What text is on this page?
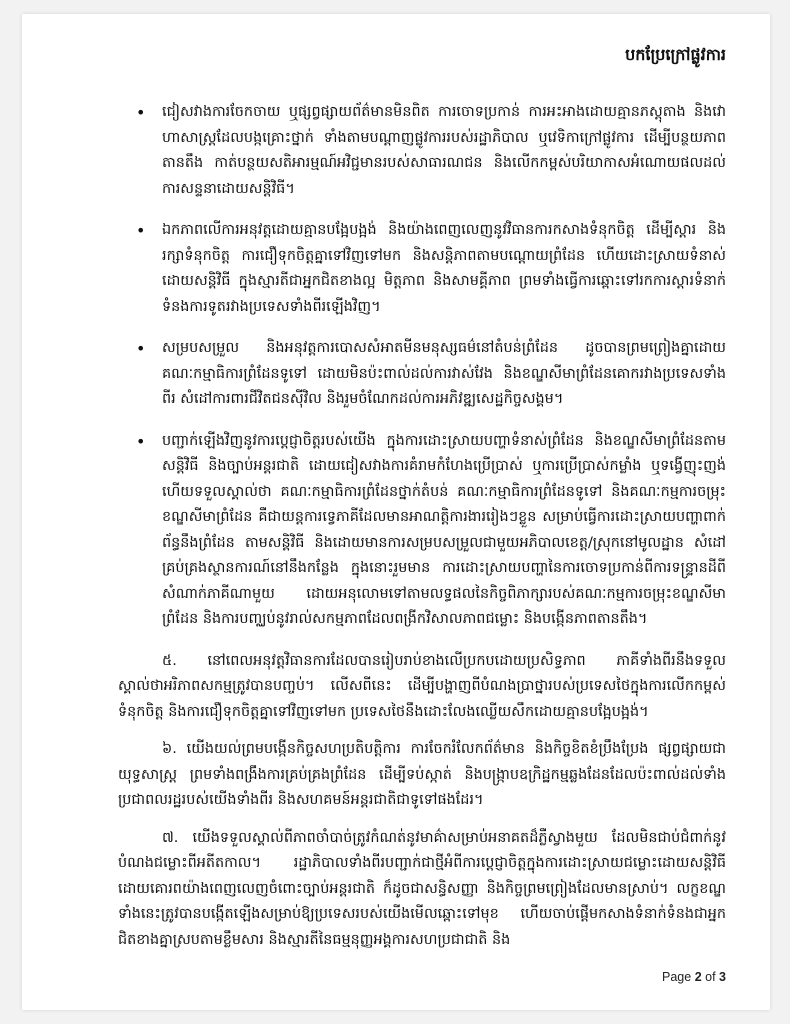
បកប្រែក្រៅផ្លូវការ
• ជៀសវាងការចែកចាយ ឬផ្សព្វផ្សាយព័ត៌មានមិនពិត ការចោទប្រកាន់ ការអះអាងដោយគ្មានភស្តុតាង និងវោហាសាស្ត្រដែលបង្កគ្រោះថ្នាក់ ទាំងតាមបណ្តាញផ្លូវការរបស់រដ្ឋាភិបាល ឬវេទិកាក្រៅផ្លូវការ ដើម្បីបន្ថយភាពតានតឹង កាត់បន្ថយសតិអារម្មណ៍អវិជ្ជមានរបស់សាធារណជន និងលើកកម្ពស់បរិយាកាសអំណោយផលដល់ការសន្ទនាដោយសន្តិវិធី។
• ឯកភាពលើការអនុវត្តដោយគ្មានបង្អែបង្អង់ និងយ៉ាងពេញលេញនូវវិធានការកសាងទំនុកចិត្ត ដើម្បីស្តារ និងរក្សាទំនុកចិត្ត ការជឿទុកចិត្តគ្នាទៅវិញទៅមក និងសន្តិភាពតាមបណ្តោយព្រំដែន ហើយដោះស្រាយទំនាស់ដោយសន្តិវិធី ក្នុងស្មារតីជាអ្នកជិតខាងល្អ មិត្តភាព និងសាមគ្គីភាព ព្រមទាំងធ្វើការឆ្ពោះទៅរកការស្តារទំនាក់ទំនងការទូតរវាងប្រទេសទាំងពីរឡើងវិញ។
• សម្របសម្រួល និងអនុវត្តការបោសសំអាតមីនមនុស្សធម៌នៅតំបន់ព្រំដែន ដូចបានព្រមព្រៀងគ្នាដោយគណៈកម្មាធិការព្រំដែនទូទៅ ដោយមិនប៉ះពាល់ដល់ការវាស់វែង និងខណ្ឌសីមាព្រំដែនគោករវាងប្រទេសទាំងពីរ សំដៅការពារជីវិតជនស៊ីវិល និងរួមចំណែកដល់ការអភិវឌ្ឍសេដ្ឋកិច្ចសង្គម។
• បញ្ជាក់ឡើងវិញនូវការប្តេជ្ញាចិត្តរបស់យើង ក្នុងការដោះស្រាយបញ្ហាទំនាស់ព្រំដែន និងខណ្ឌសីមាព្រំដែនតាមសន្តិវិធី និងច្បាប់អន្តរជាតិ ដោយជៀសវាងការគំរាមកំហែងប្រើប្រាស់ ឬការប្រើប្រាស់កម្លាំង ឬទង្វើញុះញង់ ហើយទទួលស្គាល់ថា គណៈកម្មាធិការព្រំដែនថ្នាក់តំបន់ គណៈកម្មាធិការព្រំដែនទូទៅ និងគណៈកម្មការចម្រុះខណ្ឌសីមាព្រំដែន គឺជាយន្តការទ្វេភាគីដែលមានអាណត្តិការងាររៀងៗខ្លួន សម្រាប់ធ្វើការដោះស្រាយបញ្ហាពាក់ព័ន្ធនឹងព្រំដែន តាមសន្តិវិធី និងដោយមានការសម្របសម្រួលជាមួយអភិបាលខេត្ត/ស្រុកនៅមូលដ្ឋាន សំដៅគ្រប់គ្រងស្ថានការណ៍នៅនឹងកន្លែង ក្នុងនោះរួមមាន ការដោះស្រាយបញ្ហានៃការចោទប្រកាន់ពីការទន្ទ្រានដីពីសំណាក់ភាគីណាមួយ ដោយអនុលោមទៅតាមលទ្ធផលនៃកិច្ចពិភាក្សារបស់គណៈកម្មការចម្រុះខណ្ឌសីមាព្រំដែន និងការបញ្ឈប់នូវរាល់សកម្មភាពដែលពង្រីកវិសាលភាពជម្លោះ និងបង្កើនភាពតានតឹង។

៥. នៅពេលអនុវត្តវិធានការដែលបានរៀបរាប់ខាងលើប្រកបដោយប្រសិទ្ធភាព ភាគីទាំងពីរនឹងទទួលស្គាល់ថាអរិភាពសកម្មត្រូវបានបញ្ចប់។ លើសពីនេះ ដើម្បីបង្ហាញពីបំណងប្រាថ្នារបស់ប្រទេសថៃក្នុងការលើកកម្ពស់ទំនុកចិត្ត និងការជឿទុកចិត្តគ្នាទៅវិញទៅមក ប្រទេសថៃនឹងដោះលែងឈ្លើយសឹកដោយគ្មានបង្អែបង្អង់។

៦. យើងយល់ព្រមបង្កើនកិច្ចសហប្រតិបត្តិការ ការចែករំលែកព័ត៌មាន និងកិច្ចខិតខំប្រឹងប្រែង ផ្សព្វផ្សាយជាយុទ្ធសាស្ត្រ ព្រមទាំងពង្រឹងការគ្រប់គ្រងព្រំដែន ដើម្បីទប់ស្កាត់ និងបង្ក្រាបឧក្រិដ្ឋកម្មឆ្លងដែនដែលប៉ះពាល់ដល់ទាំងប្រជាពលរដ្ឋរបស់យើងទាំងពីរ និងសហគមន៍អន្តរជាតិជាទូទៅផងដែរ។

៧. យើងទទួលស្គាល់ពីភាពចាំបាច់ត្រូវកំណត់នូវមាគ៌ាសម្រាប់អនាគតដ៏ភ្លឺស្វាងមួយ ដែលមិនជាប់ជំពាក់នូវបំណងជម្លោះពីអតីតកាល។ រដ្ឋាភិបាលទាំងពីរបញ្ជាក់ជាថ្មីអំពីការប្តេជ្ញាចិត្តក្នុងការដោះស្រាយជម្លោះដោយសន្តិវិធី ដោយគោរពយ៉ាងពេញលេញចំពោះច្បាប់អន្តរជាតិ ក៏ដូចជាសន្ធិសញ្ញា និងកិច្ចព្រមព្រៀងដែលមានស្រាប់។ លក្ខខណ្ឌទាំងនេះត្រូវបានបង្កើតឡើងសម្រាប់ឱ្យប្រទេសរបស់យើងមើលឆ្ពោះទៅមុខ ហើយចាប់ផ្តើមកសាងទំនាក់ទំនងជាអ្នកជិតខាងគ្នាស្របតាមខ្លឹមសារ និងស្មារតីនៃធម្មនុញ្ញអង្គការសហប្រជាជាតិ និង

Page 2 of 3
